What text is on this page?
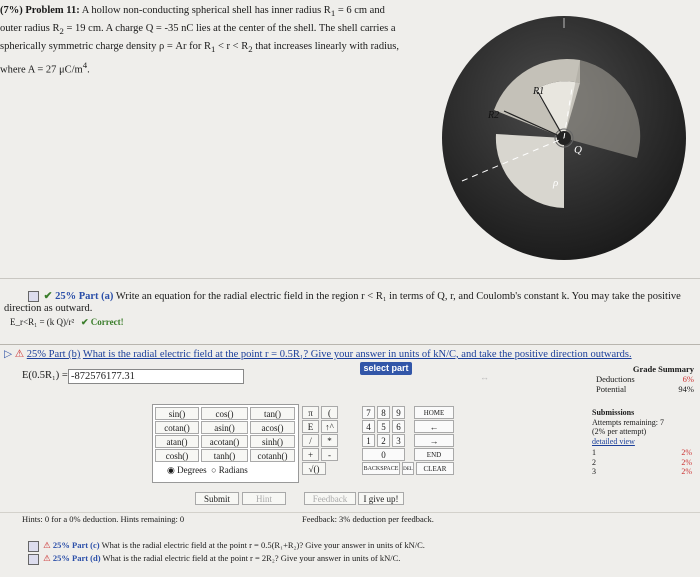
(7%) Problem 11: A hollow non-conducting spherical shell has inner radius $R_1 = 6$ cm and
outer radius $R_2 = 19$ cm. A charge Q = -35 nC lies at the center of the shell. The shell carries a
spherically symmetric charge density ρ = Ar for $R_1 < r < R_2$ that increases linearly with radius,
where A = 27 $\mu C/m^4$.
R1
R2
Q
ρ
✔ 25% Part (a) Write an equation for the radial electric field in the region r < R₁ in terms of Q, r, and Coulomb's constant k. You may take the positive
direction as outward.
E_r<R₁ = (k Q)/r² ✔ Correct!
▷ ⚠ 25% Part (b) What is the radial electric field at the point r = 0.5R₁? Give your answer in units of kN/C, and take the positive direction outwards.
select part
E(0.5R₁) = -872576177.31	↔
Grade Summary
Deductions	6%
Potential	94%
Submissions
Attempts remaining: 7
(2% per attempt)
detailed view
1	2%
2	2%
3	2%
sin()	cos()	tan()
cotan()	asin()	acos()
atan()	acotan()	sinh()
cosh()	tanh()	cotanh()
◉ Degrees ○ Radians
π	(
E	↑^
/	*
+	-
√()
7	8	9	HOME
4	5	6	←
1	2	3	→
0	END
BACKSPACE DEL	CLEAR
Submit	Hint	Feedback	I give up!
Hints: 0 for a 0% deduction. Hints remaining: 0	Feedback: 3% deduction per feedback.
⚠ 25% Part (c) What is the radial electric field at the point r = 0.5(R₁+R₂)? Give your answer in units of kN/C.
⚠ 25% Part (d) What is the radial electric field at the point r = 2R₂? Give your answer in units of kN/C.
